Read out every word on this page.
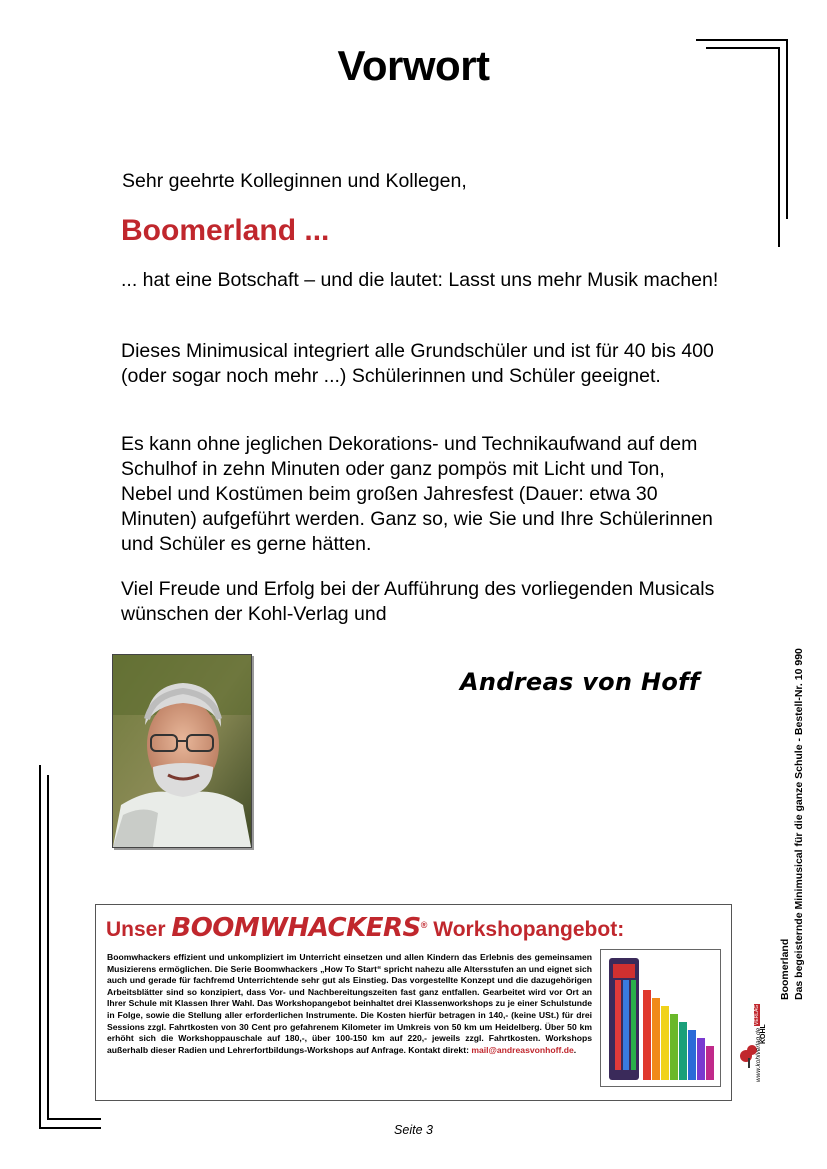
Vorwort
Sehr geehrte Kolleginnen und Kollegen,
Boomerland ...
... hat eine Botschaft – und die lautet: Lasst uns mehr Musik machen!
Dieses Minimusical integriert alle Grundschüler und ist für 40 bis 400 (oder sogar noch mehr ...) Schülerinnen und Schüler geeignet.
Es kann ohne jeglichen Dekorations- und Technikaufwand auf dem Schulhof in zehn Minuten oder ganz pompös mit Licht und Ton, Nebel und Kostümen beim großen Jahresfest (Dauer: etwa 30 Minuten) aufgeführt werden. Ganz so, wie Sie und Ihre Schülerinnen und Schüler es gerne hätten.
Viel Freude und Erfolg bei der Aufführung des vorliegenden Musicals wünschen der Kohl-Verlag und
Andreas von Hoff
Unser BOOMWHACKERS® Workshopangebot:
Boomwhackers effizient und unkompliziert im Unterricht einsetzen und allen Kindern das Erlebnis des gemeinsamen Musizierens ermöglichen. Die Serie Boomwhackers „How To Start“ spricht nahezu alle Altersstufen an und eignet sich auch und gerade für fachfremd Unterrichtende sehr gut als Einstieg. Das vorgestellte Konzept und die dazugehörigen Arbeitsblätter sind so konzipiert, dass Vor- und Nachbereitungszeiten fast ganz entfallen. Gearbeitet wird vor Ort an Ihrer Schule mit Klassen Ihrer Wahl. Das Workshopangebot beinhaltet drei Klassenworkshops zu je einer Schulstunde in Folge, sowie die Stellung aller erforderlichen Instrumente. Die Kosten hierfür betragen in 140,- (keine USt.) für drei Sessions zzgl. Fahrtkosten von 30 Cent pro gefahrenem Kilometer im Umkreis von 50 km um Heidelberg. Über 50 km erhöht sich die Workshoppauschale auf 180,-, über 100-150 km auf 220,- jeweils zzgl. Fahrtkosten. Workshops außerhalb dieser Radien und Lehrerfortbildungs-Workshops auf Anfrage. Kontakt direkt: mail@andreasvonhoff.de.
Boomerland Das begeisternde Minimusical für die ganze Schule - Bestell-Nr. 10 990
KOHL
VERLAG
www.kohlverlag.de
Seite 3
